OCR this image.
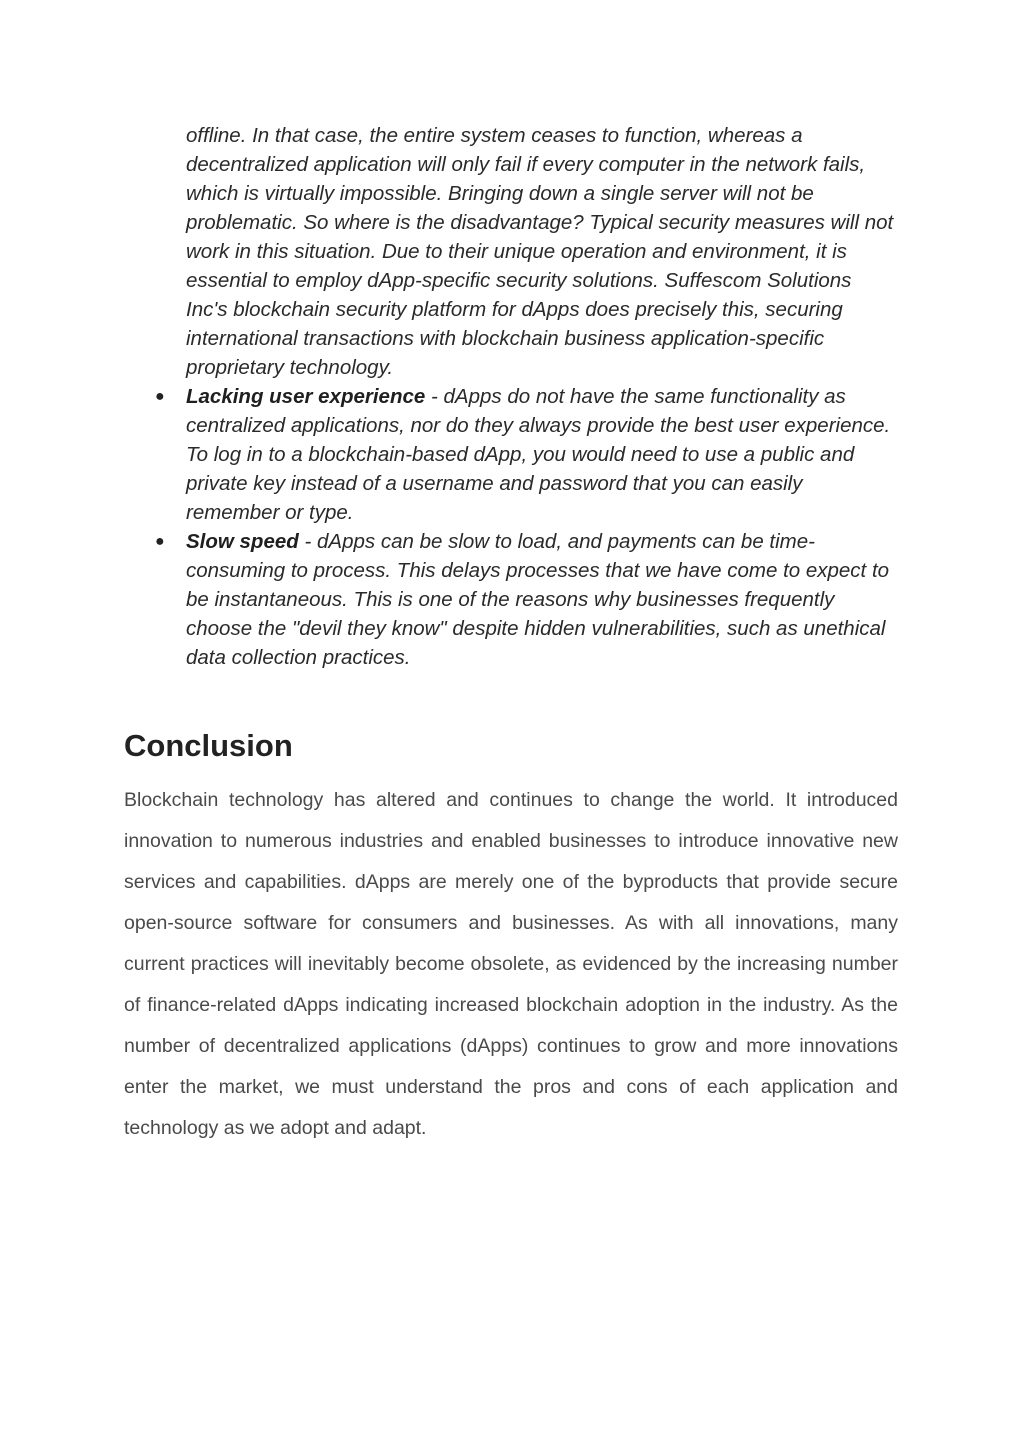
offline. In that case, the entire system ceases to function, whereas a decentralized application will only fail if every computer in the network fails, which is virtually impossible. Bringing down a single server will not be problematic. So where is the disadvantage? Typical security measures will not work in this situation. Due to their unique operation and environment, it is essential to employ dApp-specific security solutions. Suffescom Solutions Inc's blockchain security platform for dApps does precisely this, securing international transactions with blockchain business application-specific proprietary technology.

● Lacking user experience - dApps do not have the same functionality as centralized applications, nor do they always provide the best user experience. To log in to a blockchain-based dApp, you would need to use a public and private key instead of a username and password that you can easily remember or type.

● Slow speed - dApps can be slow to load, and payments can be time-consuming to process. This delays processes that we have come to expect to be instantaneous. This is one of the reasons why businesses frequently choose the "devil they know" despite hidden vulnerabilities, such as unethical data collection practices.

Conclusion

Blockchain technology has altered and continues to change the world. It introduced innovation to numerous industries and enabled businesses to introduce innovative new services and capabilities. dApps are merely one of the byproducts that provide secure open-source software for consumers and businesses. As with all innovations, many current practices will inevitably become obsolete, as evidenced by the increasing number of finance-related dApps indicating increased blockchain adoption in the industry. As the number of decentralized applications (dApps) continues to grow and more innovations enter the market, we must understand the pros and cons of each application and technology as we adopt and adapt.
